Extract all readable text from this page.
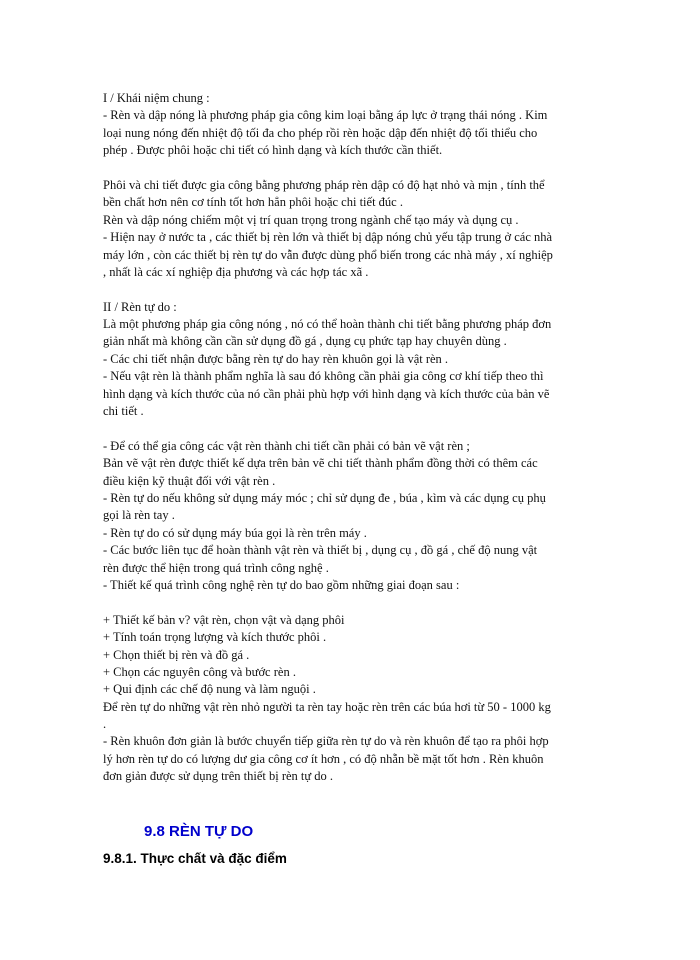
I / Khái niệm chung :
- Rèn và dập nóng là phương pháp gia công kim loại bằng áp lực ở trạng thái nóng . Kim
loại nung nóng đến nhiệt độ tối đa cho phép rồi rèn hoặc dập đến nhiệt độ tối thiểu cho
phép . Được phôi hoặc chi tiết có hình dạng và kích thước cần thiết.
Phôi và chi tiết được gia công bằng phương pháp rèn dập có độ hạt nhỏ và mịn , tính thể
bền chất hơn nên cơ tính tốt hơn hẳn phôi hoặc chi tiết đúc .
Rèn và dập nóng chiếm một vị trí quan trọng trong ngành chế tạo máy và dụng cụ .
- Hiện nay ở nước ta , các thiết bị rèn lớn và thiết bị dập nóng chủ yếu tập trung ở các nhà
máy lớn , còn các thiết bị rèn tự do vẫn được dùng phổ biến trong các nhà máy , xí nghiệp
, nhất là các xí nghiệp địa phương và các hợp tác xã .
II / Rèn tự do :
Là một phương pháp gia công nóng , nó có thể hoàn thành chi tiết bằng phương pháp đơn
giản nhất mà không cần cần sử dụng đồ gá , dụng cụ phức tạp hay chuyên dùng .
- Các chi tiết nhận được bằng rèn tự do hay rèn khuôn gọi là vật rèn .
- Nếu vật rèn là thành phẩm nghĩa là sau đó không cần phải gia công cơ khí tiếp theo thì
hình dạng và kích thước của nó cần phải phù hợp với hình dạng và kích thước của bản vẽ
chi tiết .
- Để có thể gia công các vật rèn thành chi tiết cần phải có bản vẽ vật rèn ;
Bản vẽ vật rèn được thiết kế dựa trên bản vẽ chi tiết thành phẩm đồng thời có thêm các
điều kiện kỹ thuật đối với vật rèn .
- Rèn tự do nếu không sử dụng máy móc ; chỉ sử dụng đe , búa , kìm và các dụng cụ phụ
gọi là rèn tay .
- Rèn tự do có sử dụng máy búa gọi là rèn trên máy .
- Các bước liên tục để hoàn thành vật rèn và thiết bị , dụng cụ , đồ gá , chế độ nung vật
rèn được thể hiện trong quá trình công nghệ .
- Thiết kế quá trình công nghệ rèn tự do bao gồm những giai đoạn sau :
+ Thiết kế bản v? vật rèn, chọn vật và dạng phôi
+ Tính toán trọng lượng và kích thước phôi .
+ Chọn thiết bị rèn và đồ gá .
+ Chọn các nguyên công và bước rèn .
+ Qui định các chế độ nung và làm nguội .
Để rèn tự do những vật rèn nhỏ người ta rèn tay hoặc rèn trên các búa hơi từ 50 - 1000 kg
.
- Rèn khuôn đơn giản là bước chuyển tiếp giữa rèn tự do và rèn khuôn để tạo ra phôi hợp
lý hơn rèn tự do có lượng dư gia công cơ ít hơn , có độ nhẵn bề mặt tốt hơn . Rèn khuôn
đơn giản được sử dụng trên thiết bị rèn tự do .
9.8 RÈN TỰ DO
9.8.1. Thực chất và đặc điểm
